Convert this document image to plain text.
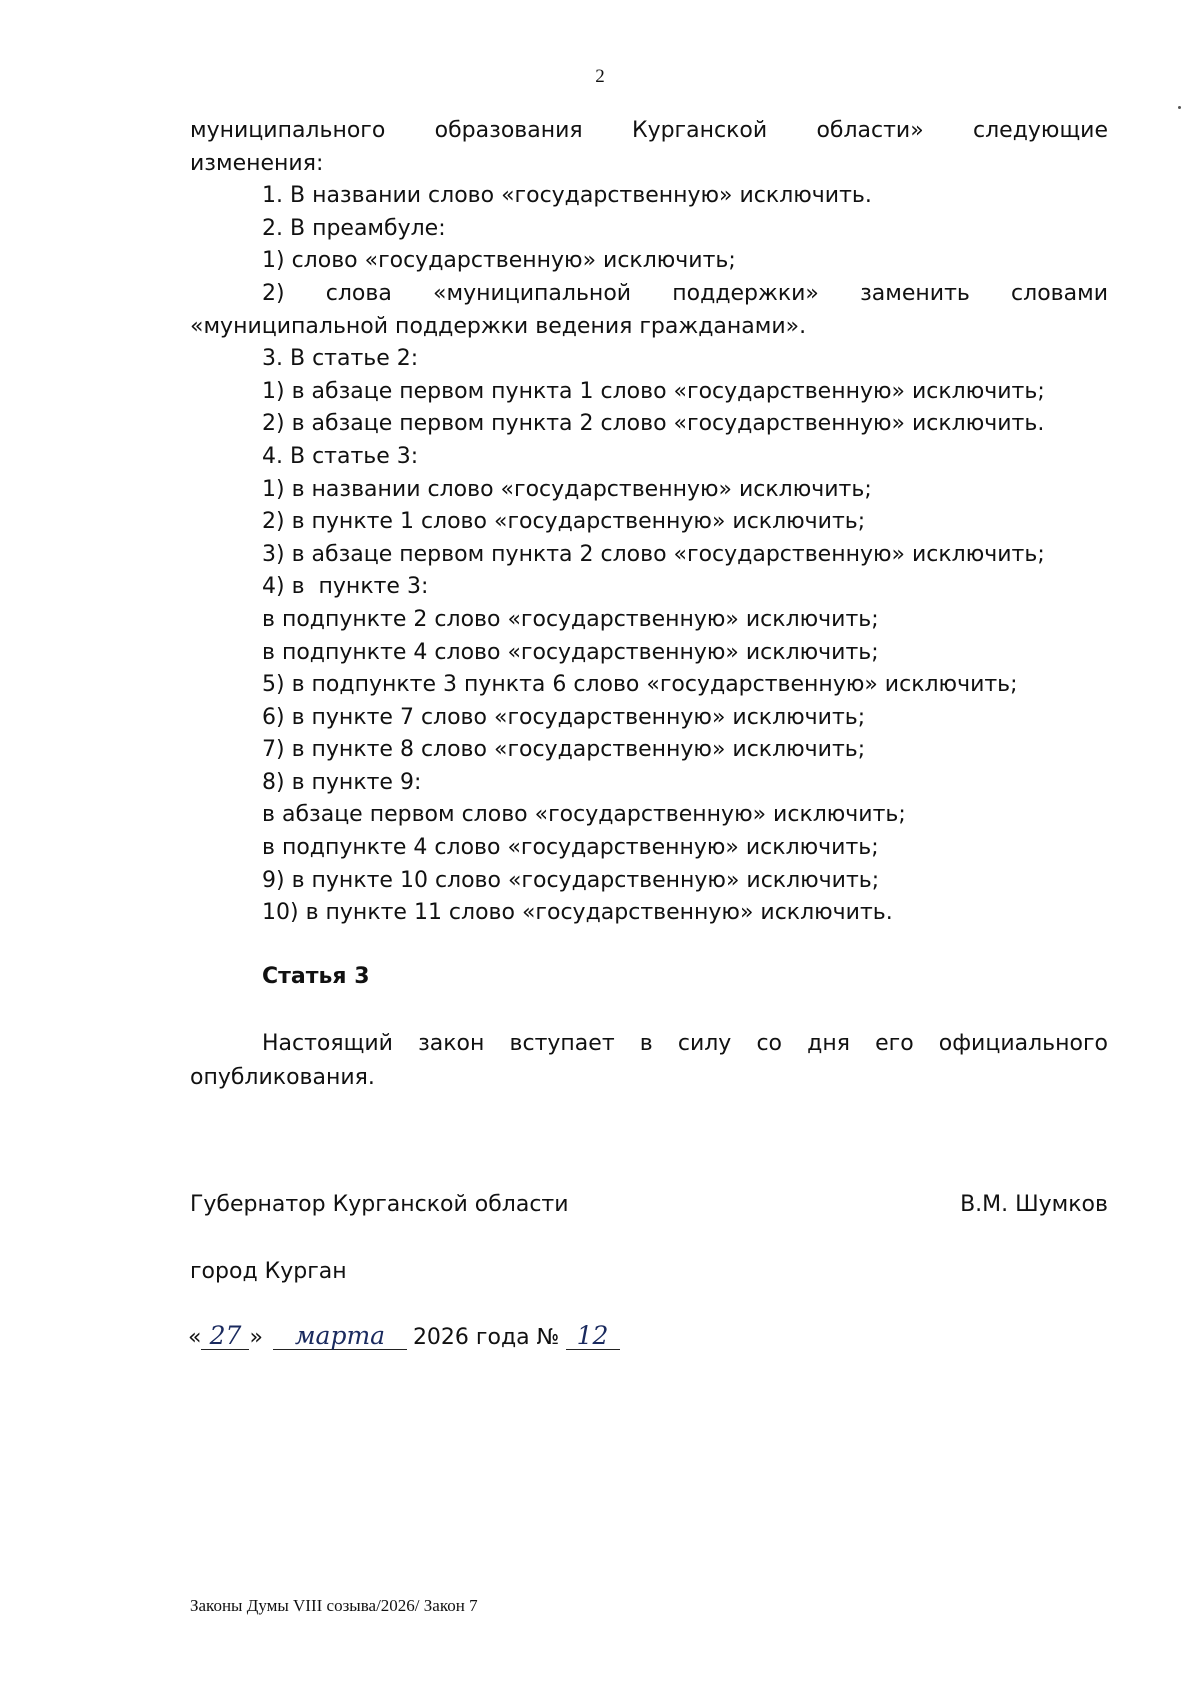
2
муниципального образования Курганской области» следующие
изменения:
1. В названии слово «государственную» исключить.
2. В преамбуле:
1) слово «государственную» исключить;
2) слова «муниципальной поддержки» заменить словами
«муниципальной поддержки ведения гражданами».
3. В статье 2:
1) в абзаце первом пункта 1 слово «государственную» исключить;
2) в абзаце первом пункта 2 слово «государственную» исключить.
4. В статье 3:
1) в названии слово «государственную» исключить;
2) в пункте 1 слово «государственную» исключить;
3) в абзаце первом пункта 2 слово «государственную» исключить;
4) в  пункте 3:
в подпункте 2 слово «государственную» исключить;
в подпункте 4 слово «государственную» исключить;
5) в подпункте 3 пункта 6 слово «государственную» исключить;
6) в пункте 7 слово «государственную» исключить;
7) в пункте 8 слово «государственную» исключить;
8) в пункте 9:
в абзаце первом слово «государственную» исключить;
в подпункте 4 слово «государственную» исключить;
9) в пункте 10 слово «государственную» исключить;
10) в пункте 11 слово «государственную» исключить.
Статья 3
Настоящий закон вступает в силу со дня его официального
опубликования.
Губернатор Курганской области	В.М. Шумков
город Курган
« 27 » марта 2026 года № 12
Законы Думы VIII созыва/2026/ Закон 7
